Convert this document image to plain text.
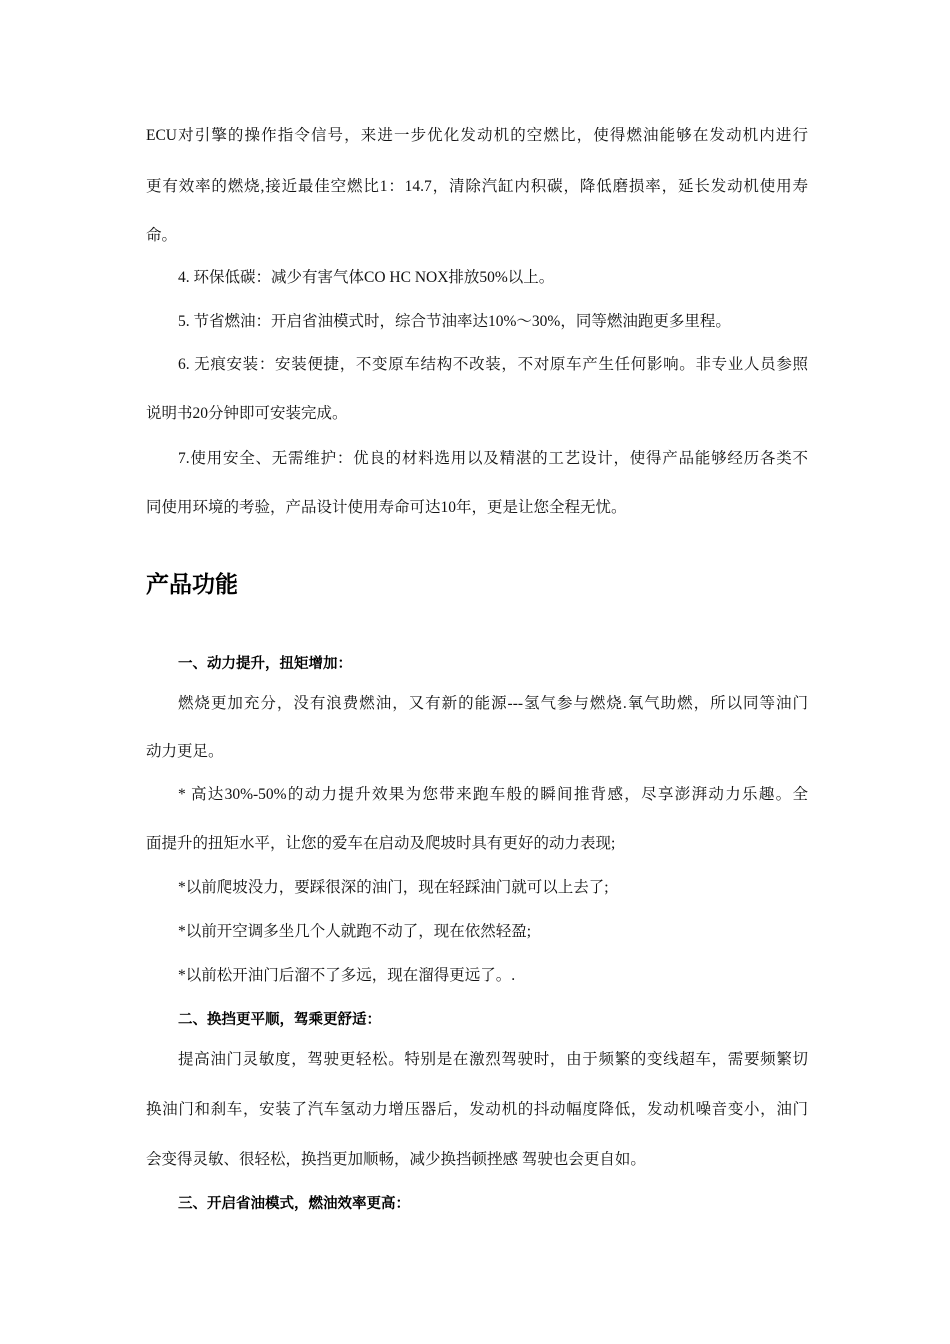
ECU对引擎的操作指令信号，来进一步优化发动机的空燃比，使得燃油能够在发动机内进行
更有效率的燃烧,接近最佳空燃比1：14.7，清除汽缸内积碳，降低磨损率，延长发动机使用寿
命。
4. 环保低碳：减少有害气体CO HC NOX排放50%以上。
5. 节省燃油：开启省油模式时，综合节油率达10%～30%，同等燃油跑更多里程。
6. 无痕安装：安装便捷，不变原车结构不改装，不对原车产生任何影响。非专业人员参照
说明书20分钟即可安装完成。
7.使用安全、无需维护：优良的材料选用以及精湛的工艺设计，使得产品能够经历各类不
同使用环境的考验，产品设计使用寿命可达10年，更是让您全程无忧。
产品功能
一、动力提升，扭矩增加：
燃烧更加充分，没有浪费燃油，又有新的能源---氢气参与燃烧.氧气助燃，所以同等油门
动力更足。
* 高达30%-50%的动力提升效果为您带来跑车般的瞬间推背感，尽享澎湃动力乐趣。全
面提升的扭矩水平，让您的爱车在启动及爬坡时具有更好的动力表现;
*以前爬坡没力，要踩很深的油门，现在轻踩油门就可以上去了;
*以前开空调多坐几个人就跑不动了，现在依然轻盈;
*以前松开油门后溜不了多远，现在溜得更远了。.
二、换挡更平顺，驾乘更舒适：
提高油门灵敏度，驾驶更轻松。特别是在激烈驾驶时，由于频繁的变线超车，需要频繁切
换油门和刹车，安装了汽车氢动力增压器后，发动机的抖动幅度降低，发动机噪音变小，油门
会变得灵敏、很轻松，换挡更加顺畅，减少换挡顿挫感 驾驶也会更自如。
三、开启省油模式，燃油效率更高：
